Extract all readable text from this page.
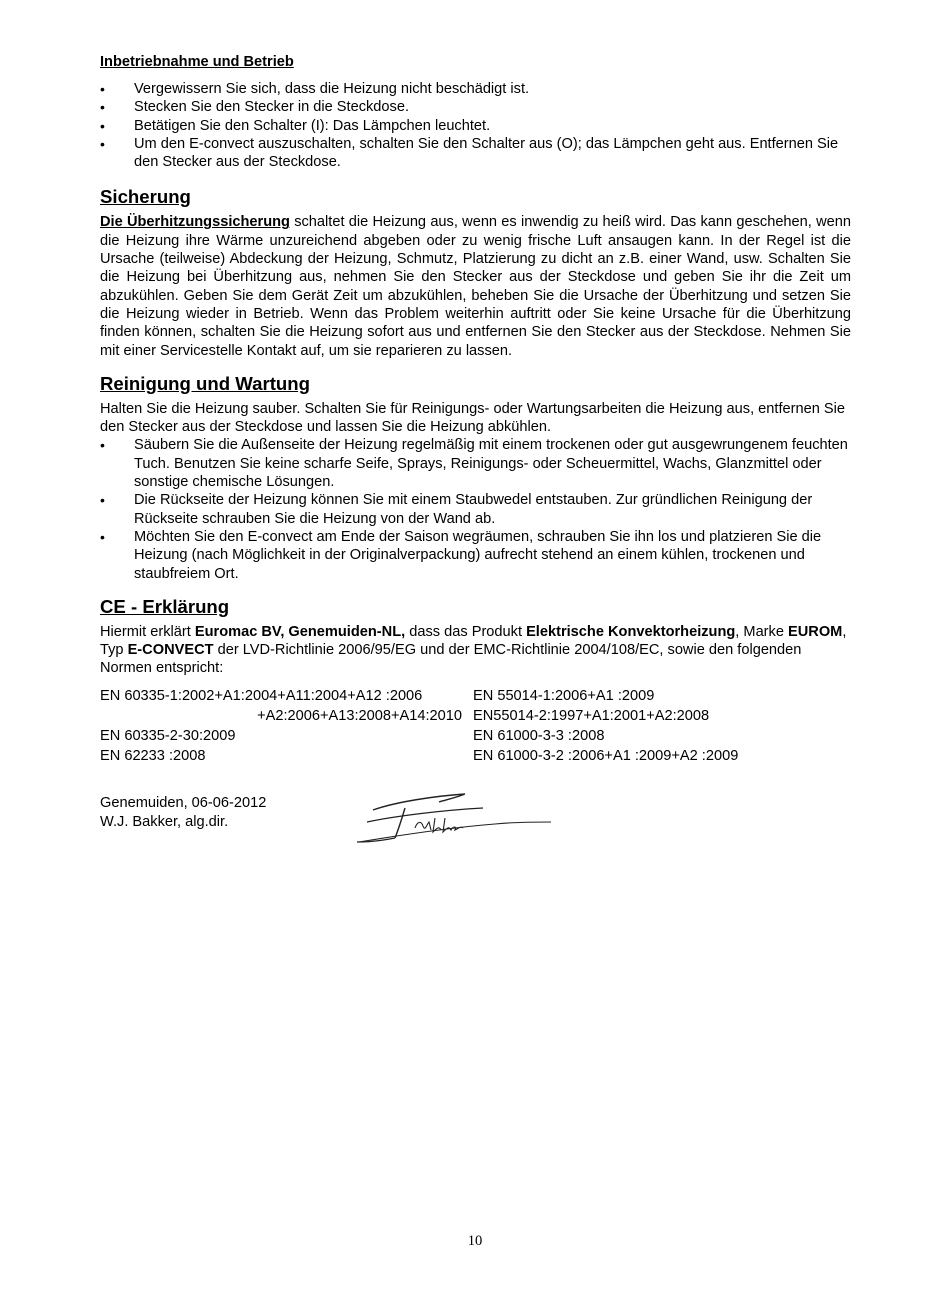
Inbetriebnahme und Betrieb
• Vergewissern Sie sich, dass die Heizung nicht beschädigt ist.
• Stecken Sie den Stecker in die Steckdose.
• Betätigen Sie den Schalter (I): Das Lämpchen leuchtet.
• Um den E-convect auszuschalten, schalten Sie den Schalter aus (O); das Lämpchen geht aus. Entfernen Sie den Stecker aus der Steckdose.
Sicherung

Die Überhitzungssicherung schaltet die Heizung aus, wenn es inwendig zu heiß wird. Das kann geschehen, wenn die Heizung ihre Wärme unzureichend abgeben oder zu wenig frische Luft ansaugen kann. In der Regel ist die Ursache (teilweise) Abdeckung der Heizung, Schmutz, Platzierung zu dicht an z.B. einer Wand, usw. Schalten Sie die Heizung bei Überhitzung aus, nehmen Sie den Stecker aus der Steckdose und geben Sie ihr die Zeit um abzukühlen. Geben Sie dem Gerät Zeit um abzukühlen, beheben Sie die Ursache der Überhitzung und setzen Sie die Heizung wieder in Betrieb. Wenn das Problem weiterhin auftritt oder Sie keine Ursache für die Überhitzung finden können, schalten Sie die Heizung sofort aus und entfernen Sie den Stecker aus der Steckdose. Nehmen Sie mit einer Servicestelle Kontakt auf, um sie reparieren zu lassen.

Reinigung und Wartung

Halten Sie die Heizung sauber. Schalten Sie für Reinigungs- oder Wartungsarbeiten die Heizung aus, entfernen Sie den Stecker aus der Steckdose und lassen Sie die Heizung abkühlen.

• Säubern Sie die Außenseite der Heizung regelmäßig mit einem trockenen oder gut ausgewrungenem feuchten Tuch. Benutzen Sie keine scharfe Seife, Sprays, Reinigungs- oder Scheuermittel, Wachs, Glanzmittel oder sonstige chemische Lösungen.
• Die Rückseite der Heizung können Sie mit einem Staubwedel entstauben. Zur gründlichen Reinigung der Rückseite schrauben Sie die Heizung von der Wand ab.
• Möchten Sie den E-convect am Ende der Saison wegräumen, schrauben Sie ihn los und platzieren Sie die Heizung (nach Möglichkeit in der Originalverpackung) aufrecht stehend an einem kühlen, trockenen und staubfreiem Ort.
CE - Erklärung

Hiermit erklärt Euromac BV, Genemuiden-NL, dass das Produkt Elektrische Konvektorheizung, Marke EUROM, Typ E-CONVECT der LVD-Richtlinie 2006/95/EG und der EMC-Richtlinie 2004/108/EC, sowie den folgenden Normen entspricht:

EN 60335-1:2002+A1:2004+A11:2004+A12 :2006
+A2:2006+A13:2008+A14:2010
EN 60335-2-30:2009
EN 62233 :2008
EN 55014-1:2006+A1 :2009
EN55014-2:1997+A1:2001+A2:2008
EN 61000-3-3 :2008
EN 61000-3-2 :2006+A1 :2009+A2 :2009

Genemuiden, 06-06-2012

W.J. Bakker, alg.dir.

Bakker
10
